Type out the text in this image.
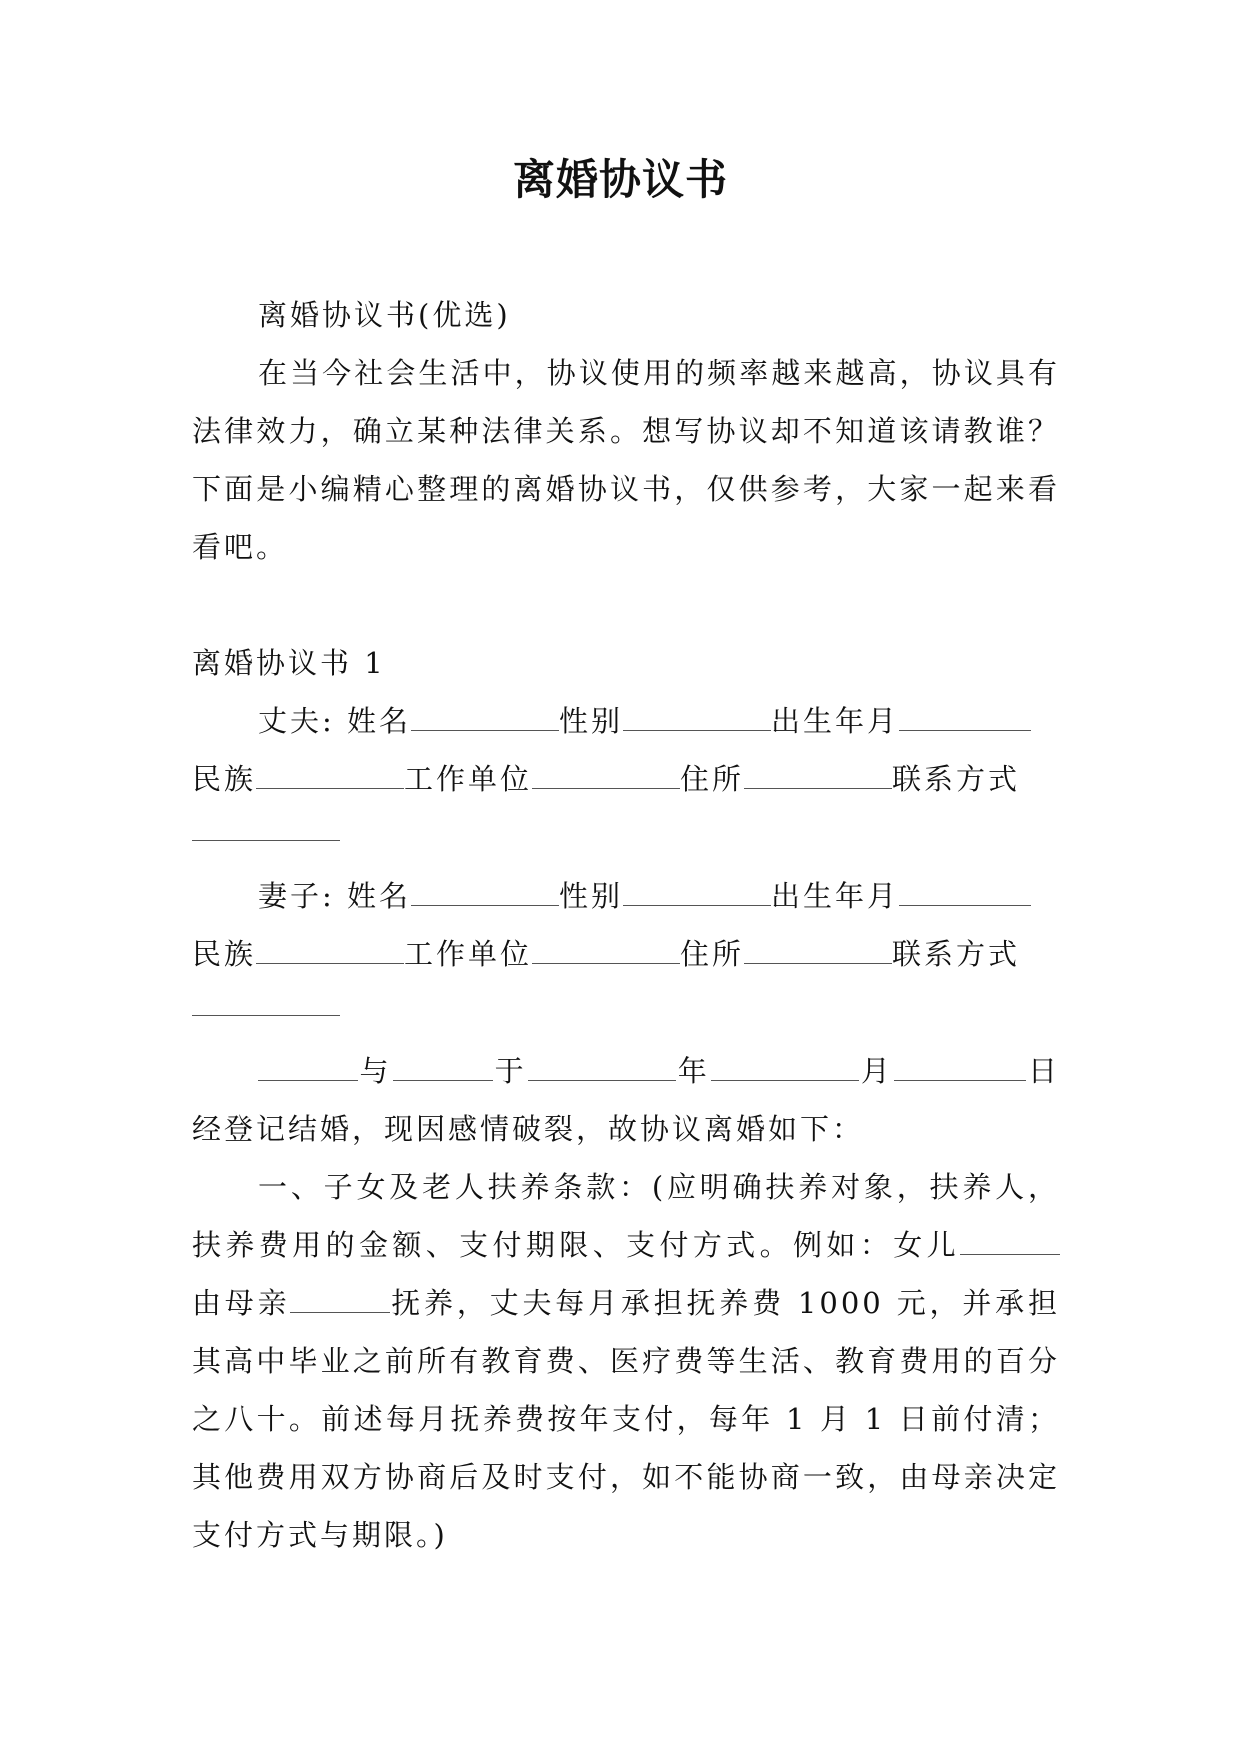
离婚协议书

离婚协议书(优选)

在当今社会生活中，协议使用的频率越来越高，协议具有法律效力，确立某种法律关系。想写协议却不知道该请教谁？下面是小编精心整理的离婚协议书，仅供参考，大家一起来看看吧。

离婚协议书 1

丈夫: 姓名	性别	出生年月

民族	工作单位	住所	联系方式

妻子: 姓名	性别	出生年月

民族	工作单位	住所	联系方式

与	于	年	月	日经登记结婚，现因感情破裂，故协议离婚如下：

一、子女及老人扶养条款：(应明确扶养对象，扶养人，扶养费用的金额、支付期限、支付方式。例如：女儿由母亲	抚养，丈夫每月承担抚养费 1000 元，并承担其高中毕业之前所有教育费、医疗费等生活、教育费用的百分之八十。前述每月抚养费按年支付，每年 1 月 1 日前付清；其他费用双方协商后及时支付，如不能协商一致，由母亲决定支付方式与期限。)
